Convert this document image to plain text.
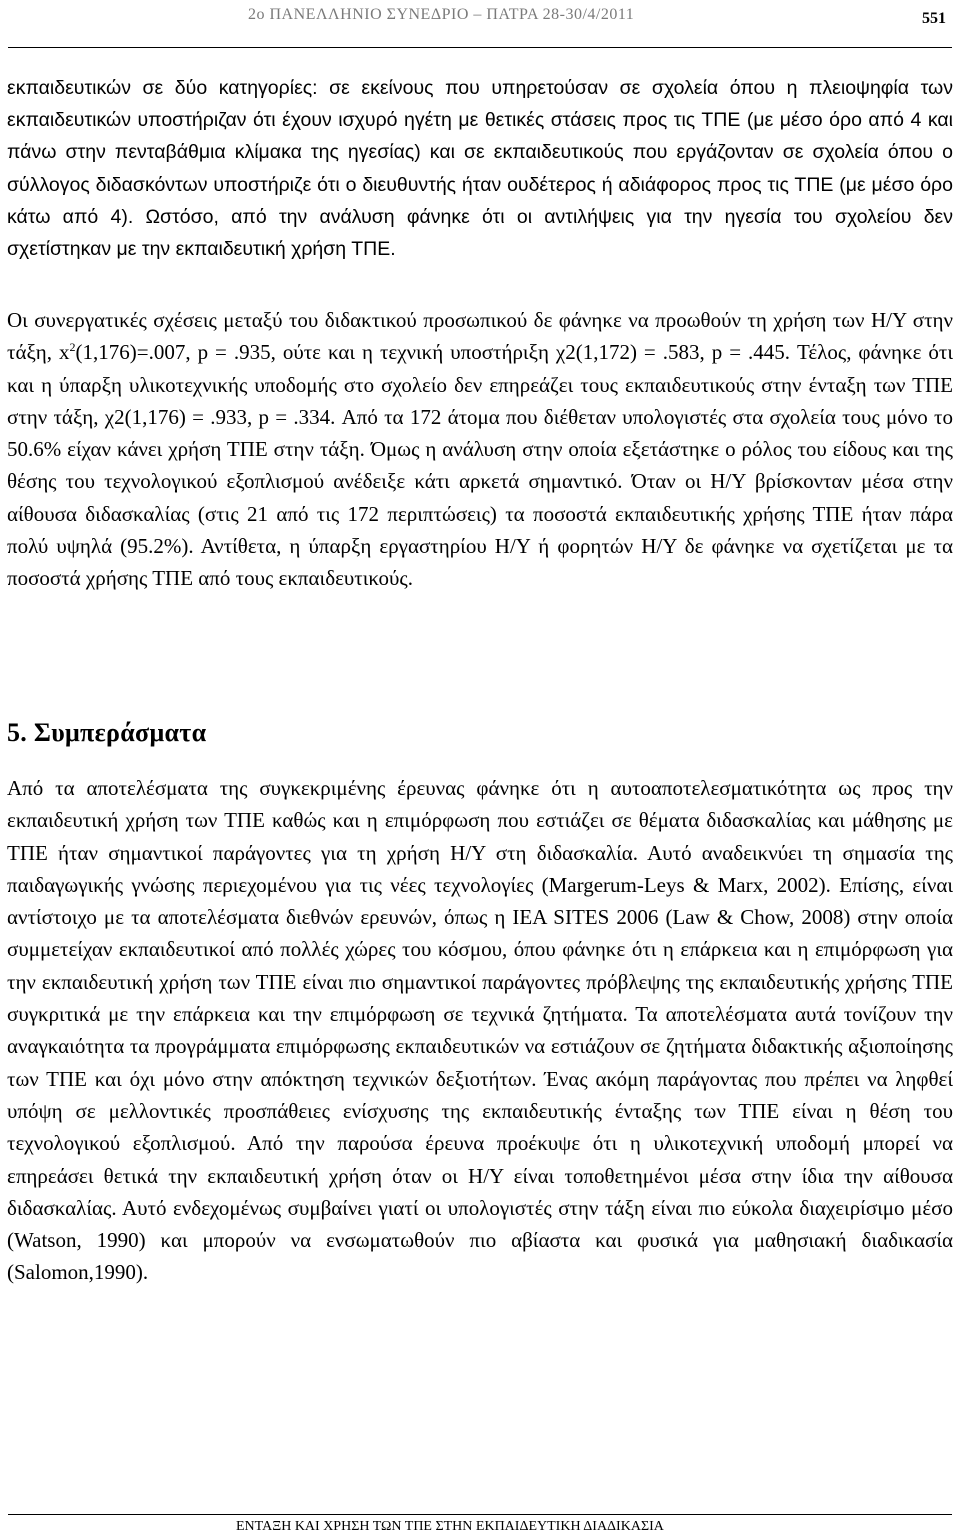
2ο ΠΑΝΕΛΛΗΝΙΟ ΣΥΝΕΔΡΙΟ – ΠΑΤΡΑ 28-30/4/2011	551

εκπαιδευτικών σε δύο κατηγορίες: σε εκείνους που υπηρετούσαν σε σχολεία όπου η πλειοψηφία των εκπαιδευτικών υποστήριζαν ότι έχουν ισχυρό ηγέτη με θετικές στάσεις προς τις ΤΠΕ (με μέσο όρο από 4 και πάνω στην πενταβάθμια κλίμακα της ηγεσίας) και σε εκπαιδευτικούς που εργάζονταν σε σχολεία όπου ο σύλλογος διδασκόντων υποστήριζε ότι ο διευθυντής ήταν ουδέτερος ή αδιάφορος προς τις ΤΠΕ (με μέσο όρο κάτω από 4). Ωστόσο, από την ανάλυση φάνηκε ότι οι αντιλήψεις για την ηγεσία του σχολείου δεν σχετίστηκαν με την εκπαιδευτική χρήση ΤΠΕ.

Οι συνεργατικές σχέσεις μεταξύ του διδακτικού προσωπικού δε φάνηκε να προωθούν τη χρήση των Η/Υ στην τάξη, $x^2(1,176)=.007$, p = .935, ούτε και η τεχνική υποστήριξη χ2(1,172) = .583, p = .445. Τέλος, φάνηκε ότι και η ύπαρξη υλικοτεχνικής υποδομής στο σχολείο δεν επηρεάζει τους εκπαιδευτικούς στην ένταξη των ΤΠΕ στην τάξη, χ2(1,176) = .933, p = .334. Από τα 172 άτομα που διέθεταν υπολογιστές στα σχολεία τους μόνο το 50.6% είχαν κάνει χρήση ΤΠΕ στην τάξη. Όμως η ανάλυση στην οποία εξετάστηκε ο ρόλος του είδους και της θέσης του τεχνολογικού εξοπλισμού ανέδειξε κάτι αρκετά σημαντικό. Όταν οι Η/Υ βρίσκονταν μέσα στην αίθουσα διδασκαλίας (στις 21 από τις 172 περιπτώσεις) τα ποσοστά εκπαιδευτικής χρήσης ΤΠΕ ήταν πάρα πολύ υψηλά (95.2%). Αντίθετα, η ύπαρξη εργαστηρίου Η/Υ ή φορητών Η/Υ δε φάνηκε να σχετίζεται με τα ποσοστά χρήσης ΤΠΕ από τους εκπαιδευτικούς.

5. Συμπεράσματα

Από τα αποτελέσματα της συγκεκριμένης έρευνας φάνηκε ότι η αυτοαποτελεσματικότητα ως προς την εκπαιδευτική χρήση των ΤΠΕ καθώς και η επιμόρφωση που εστιάζει σε θέματα διδασκαλίας και μάθησης με ΤΠΕ ήταν σημαντικοί παράγοντες για τη χρήση Η/Υ στη διδασκαλία. Αυτό αναδεικνύει τη σημασία της παιδαγωγικής γνώσης περιεχομένου για τις νέες τεχνολογίες (Margerum-Leys & Marx, 2002). Επίσης, είναι αντίστοιχο με τα αποτελέσματα διεθνών ερευνών, όπως η IEA SITES 2006 (Law & Chow, 2008) στην οποία συμμετείχαν εκπαιδευτικοί από πολλές χώρες του κόσμου, όπου φάνηκε ότι η επάρκεια και η επιμόρφωση για την εκπαιδευτική χρήση των ΤΠΕ είναι πιο σημαντικοί παράγοντες πρόβλεψης της εκπαιδευτικής χρήσης ΤΠΕ συγκριτικά με την επάρκεια και την επιμόρφωση σε τεχνικά ζητήματα. Τα αποτελέσματα αυτά τονίζουν την αναγκαιότητα τα προγράμματα επιμόρφωσης εκπαιδευτικών να εστιάζουν σε ζητήματα διδακτικής αξιοποίησης των ΤΠΕ και όχι μόνο στην απόκτηση τεχνικών δεξιοτήτων. Ένας ακόμη παράγοντας που πρέπει να ληφθεί υπόψη σε μελλοντικές προσπάθειες ενίσχυσης της εκπαιδευτικής ένταξης των ΤΠΕ είναι η θέση του τεχνολογικού εξοπλισμού. Από την παρούσα έρευνα προέκυψε ότι η υλικοτεχνική υποδομή μπορεί να επηρεάσει θετικά την εκπαιδευτική χρήση όταν οι Η/Υ είναι τοποθετημένοι μέσα στην ίδια την αίθουσα διδασκαλίας. Αυτό ενδεχομένως συμβαίνει γιατί οι υπολογιστές στην τάξη είναι πιο εύκολα διαχειρίσιμο μέσο (Watson, 1990) και μπορούν να ενσωματωθούν πιο αβίαστα και φυσικά για μαθησιακή διαδικασία (Salomon,1990).

ΕΝΤΑΞΗ ΚΑΙ ΧΡΗΣΗ ΤΩΝ ΤΠΕ ΣΤΗΝ ΕΚΠΑΙΔΕΥΤΙΚΗ ΔΙΑΔΙΚΑΣΙΑ
